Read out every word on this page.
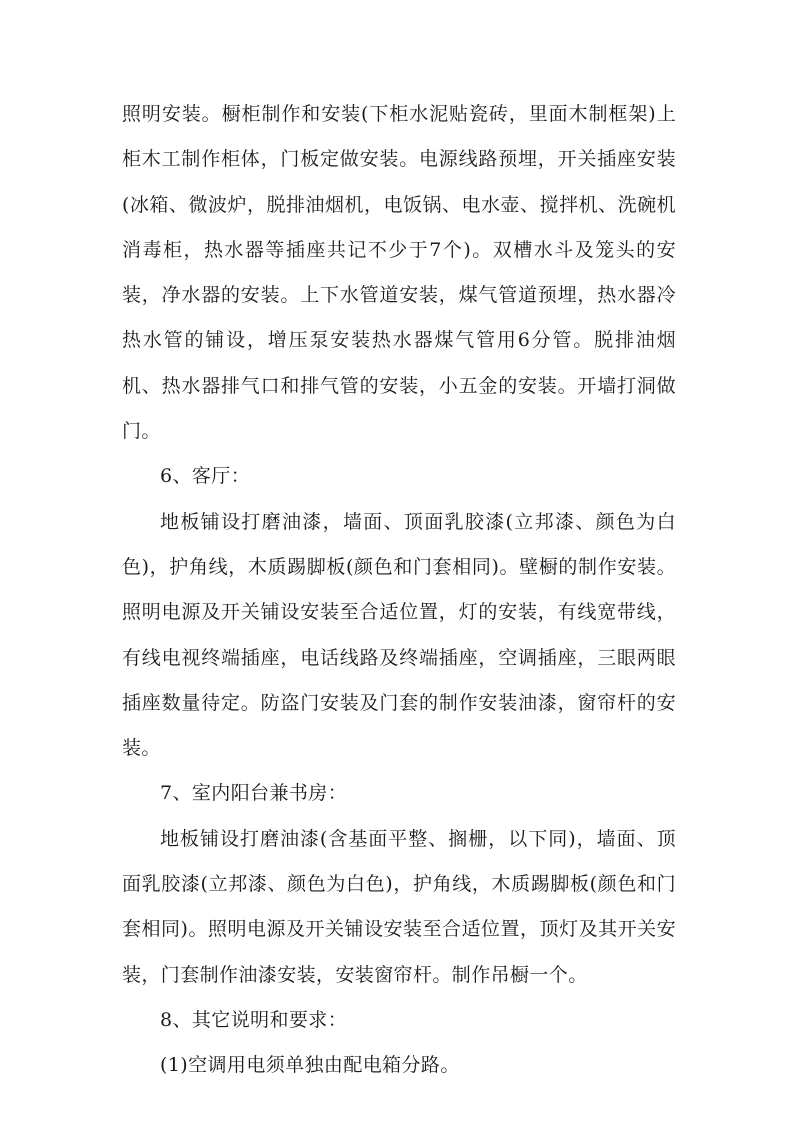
照明安装。橱柜制作和安装(下柜水泥贴瓷砖，里面木制框架)上柜木工制作柜体，门板定做安装。电源线路预埋，开关插座安装(冰箱、微波炉，脱排油烟机，电饭锅、电水壶、搅拌机、洗碗机消毒柜，热水器等插座共记不少于7个)。双槽水斗及笼头的安装，净水器的安装。上下水管道安装，煤气管道预埋，热水器冷热水管的铺设，增压泵安装热水器煤气管用6分管。脱排油烟机、热水器排气口和排气管的安装，小五金的安装。开墙打洞做门。

6、客厅：

地板铺设打磨油漆，墙面、顶面乳胶漆(立邦漆、颜色为白色)，护角线，木质踢脚板(颜色和门套相同)。壁橱的制作安装。照明电源及开关铺设安装至合适位置，灯的安装，有线宽带线，有线电视终端插座，电话线路及终端插座，空调插座，三眼两眼插座数量待定。防盗门安装及门套的制作安装油漆，窗帘杆的安装。

7、室内阳台兼书房：

地板铺设打磨油漆(含基面平整、搁栅，以下同)，墙面、顶面乳胶漆(立邦漆、颜色为白色)，护角线，木质踢脚板(颜色和门套相同)。照明电源及开关铺设安装至合适位置，顶灯及其开关安装，门套制作油漆安装，安装窗帘杆。制作吊橱一个。

8、其它说明和要求：

(1)空调用电须单独由配电箱分路。
